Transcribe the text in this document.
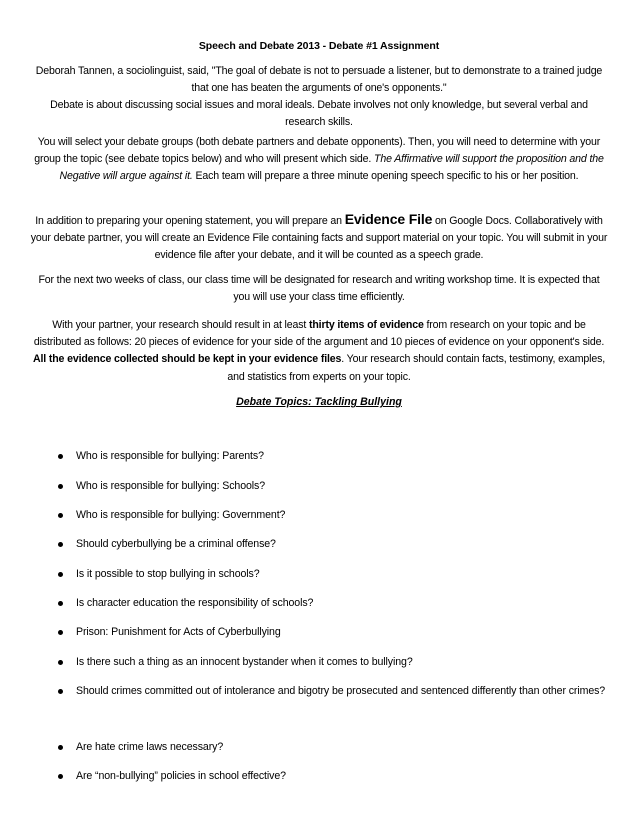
Speech and Debate 2013 - Debate #1 Assignment
Deborah Tannen, a sociolinguist, said, "The goal of debate is not to persuade a listener, but to demonstrate to a trained judge that one has beaten the arguments of one's opponents."
Debate is about discussing social issues and moral ideals. Debate involves not only knowledge, but several verbal and research skills.
You will select your debate groups (both debate partners and debate opponents). Then, you will need to determine with your group the topic (see debate topics below) and who will present which side. The Affirmative will support the proposition and the Negative will argue against it. Each team will prepare a three minute opening speech specific to his or her position.
In addition to preparing your opening statement, you will prepare an Evidence File on Google Docs. Collaboratively with your debate partner, you will create an Evidence File containing facts and support material on your topic. You will submit in your evidence file after your debate, and it will be counted as a speech grade.
For the next two weeks of class, our class time will be designated for research and writing workshop time. It is expected that you will use your class time efficiently.
With your partner, your research should result in at least thirty items of evidence from research on your topic and be distributed as follows: 20 pieces of evidence for your side of the argument and 10 pieces of evidence on your opponent's side. All the evidence collected should be kept in your evidence files. Your research should contain facts, testimony, examples, and statistics from experts on your topic.
Debate Topics: Tackling Bullying
Who is responsible for bullying: Parents?
Who is responsible for bullying: Schools?
Who is responsible for bullying: Government?
Should cyberbullying be a criminal offense?
Is it possible to stop bullying in schools?
Is character education the responsibility of schools?
Prison: Punishment for Acts of Cyberbullying
Is there such a thing as an innocent bystander when it comes to bullying?
Should crimes committed out of intolerance and bigotry be prosecuted and sentenced differently than other crimes?
Are hate crime laws necessary?
Are “non-bullying” policies in school effective?
